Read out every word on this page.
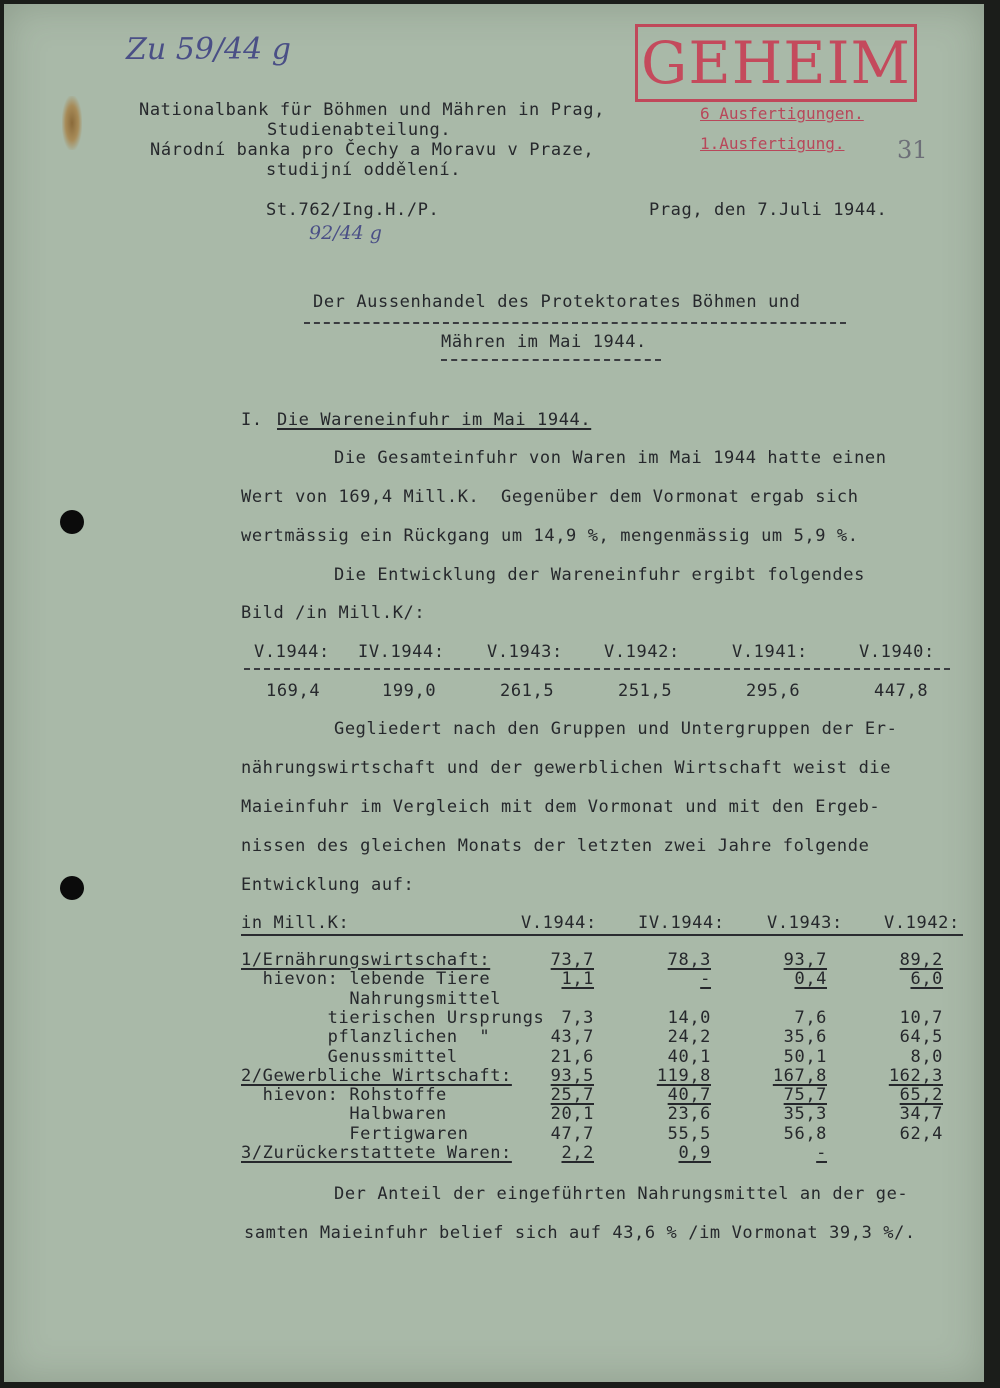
Zu 59/44 g
92/44 g
31
GEHEIM
6 Ausfertigungen.
1.Ausfertigung.
Nationalbank für Böhmen und Mähren in Prag,
Studienabteilung.
Národní banka pro Čechy a Moravu v Praze,
studijní oddělení.
St.762/Ing.H./P.	Prag, den 7.Juli 1944.
Der Aussenhandel des Protektorates Böhmen und
Mähren im Mai 1944.
I. Die Wareneinfuhr im Mai 1944.
Die Gesamteinfuhr von Waren im Mai 1944 hatte einen
Wert von 169,4 Mill.K.  Gegenüber dem Vormonat ergab sich
wertmässig ein Rückgang um 14,9 %, mengenmässig um 5,9 %.
Die Entwicklung der Wareneinfuhr ergibt folgendes
Bild /in Mill.K/:
V.1944: IV.1944: V.1943: V.1942:	V.1941:	V.1940:
169,4	199,0	261,5	251,5	295,6	447,8
Gegliedert nach den Gruppen und Untergruppen der Er-
nährungswirtschaft und der gewerblichen Wirtschaft weist die
Maieinfuhr im Vergleich mit dem Vormonat und mit den Ergeb-
nissen des gleichen Monats der letzten zwei Jahre folgende
Entwicklung auf:
in Mill.K:	V.1944: IV.1944: V.1943: V.1942:
1/Ernährungswirtschaft:	73,7	78,3	93,7	89,2
hievon: lebende Tiere	1,1	-	0,4	6,0
Nahrungsmittel
tierischen Ursprungs 7,3	14,0	7,6	10,7
pflanzlichen  "	43,7	24,2	35,6	64,5
Genussmittel	21,6	40,1	50,1	8,0
2/Gewerbliche Wirtschaft: 93,5	119,8	167,8	162,3
hievon: Rohstoffe	25,7	40,7	75,7	65,2
Halbwaren	20,1	23,6	35,3	34,7
Fertigwaren	47,7	55,5	56,8	62,4
3/Zurückerstattete Waren:	2,2	0,9	-
Der Anteil der eingeführten Nahrungsmittel an der ge-
samten Maieinfuhr belief sich auf 43,6 % /im Vormonat 39,3 %/.
